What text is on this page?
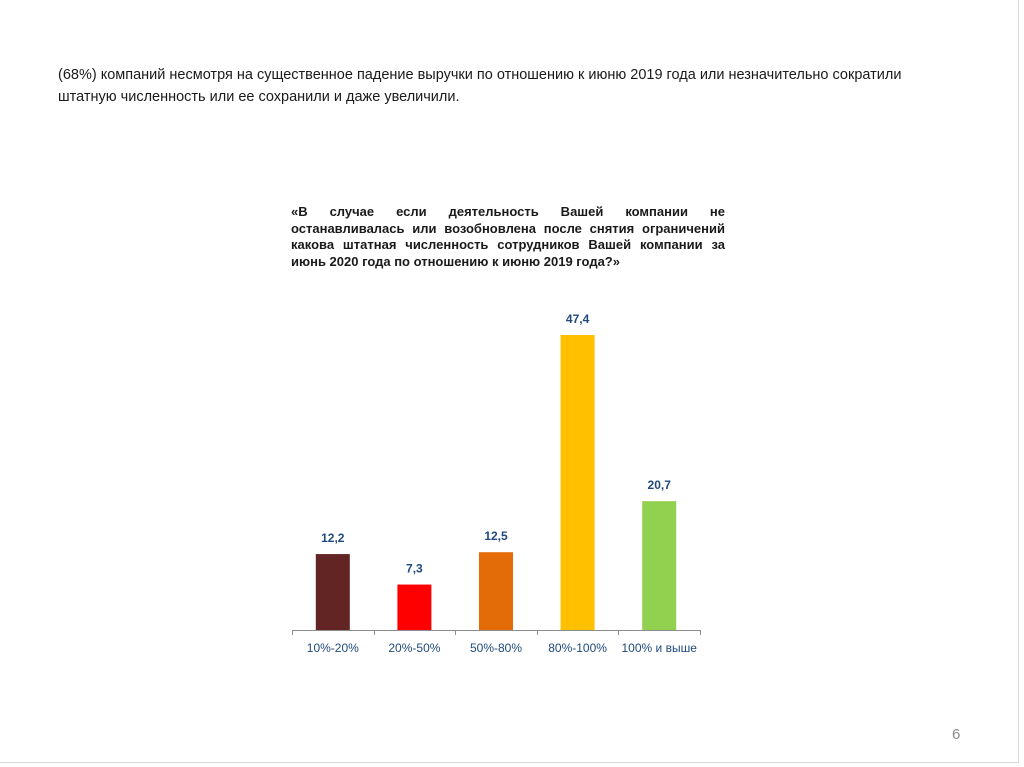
(68%) компаний несмотря на существенное падение выручки по отношению к июню 2019 года или незначительно сократили штатную численность или ее сохранили и даже увеличили.
«В случае если деятельность Вашей компании не останавливалась или возобновлена после снятия ограничений какова штатная численность сотрудников Вашей компании за июнь 2020 года по отношению к июню 2019 года?»
12,2
10%-20%
7,3
20%-50%
12,5
50%-80%
47,4
80%-100%
20,7
100% и выше
6
